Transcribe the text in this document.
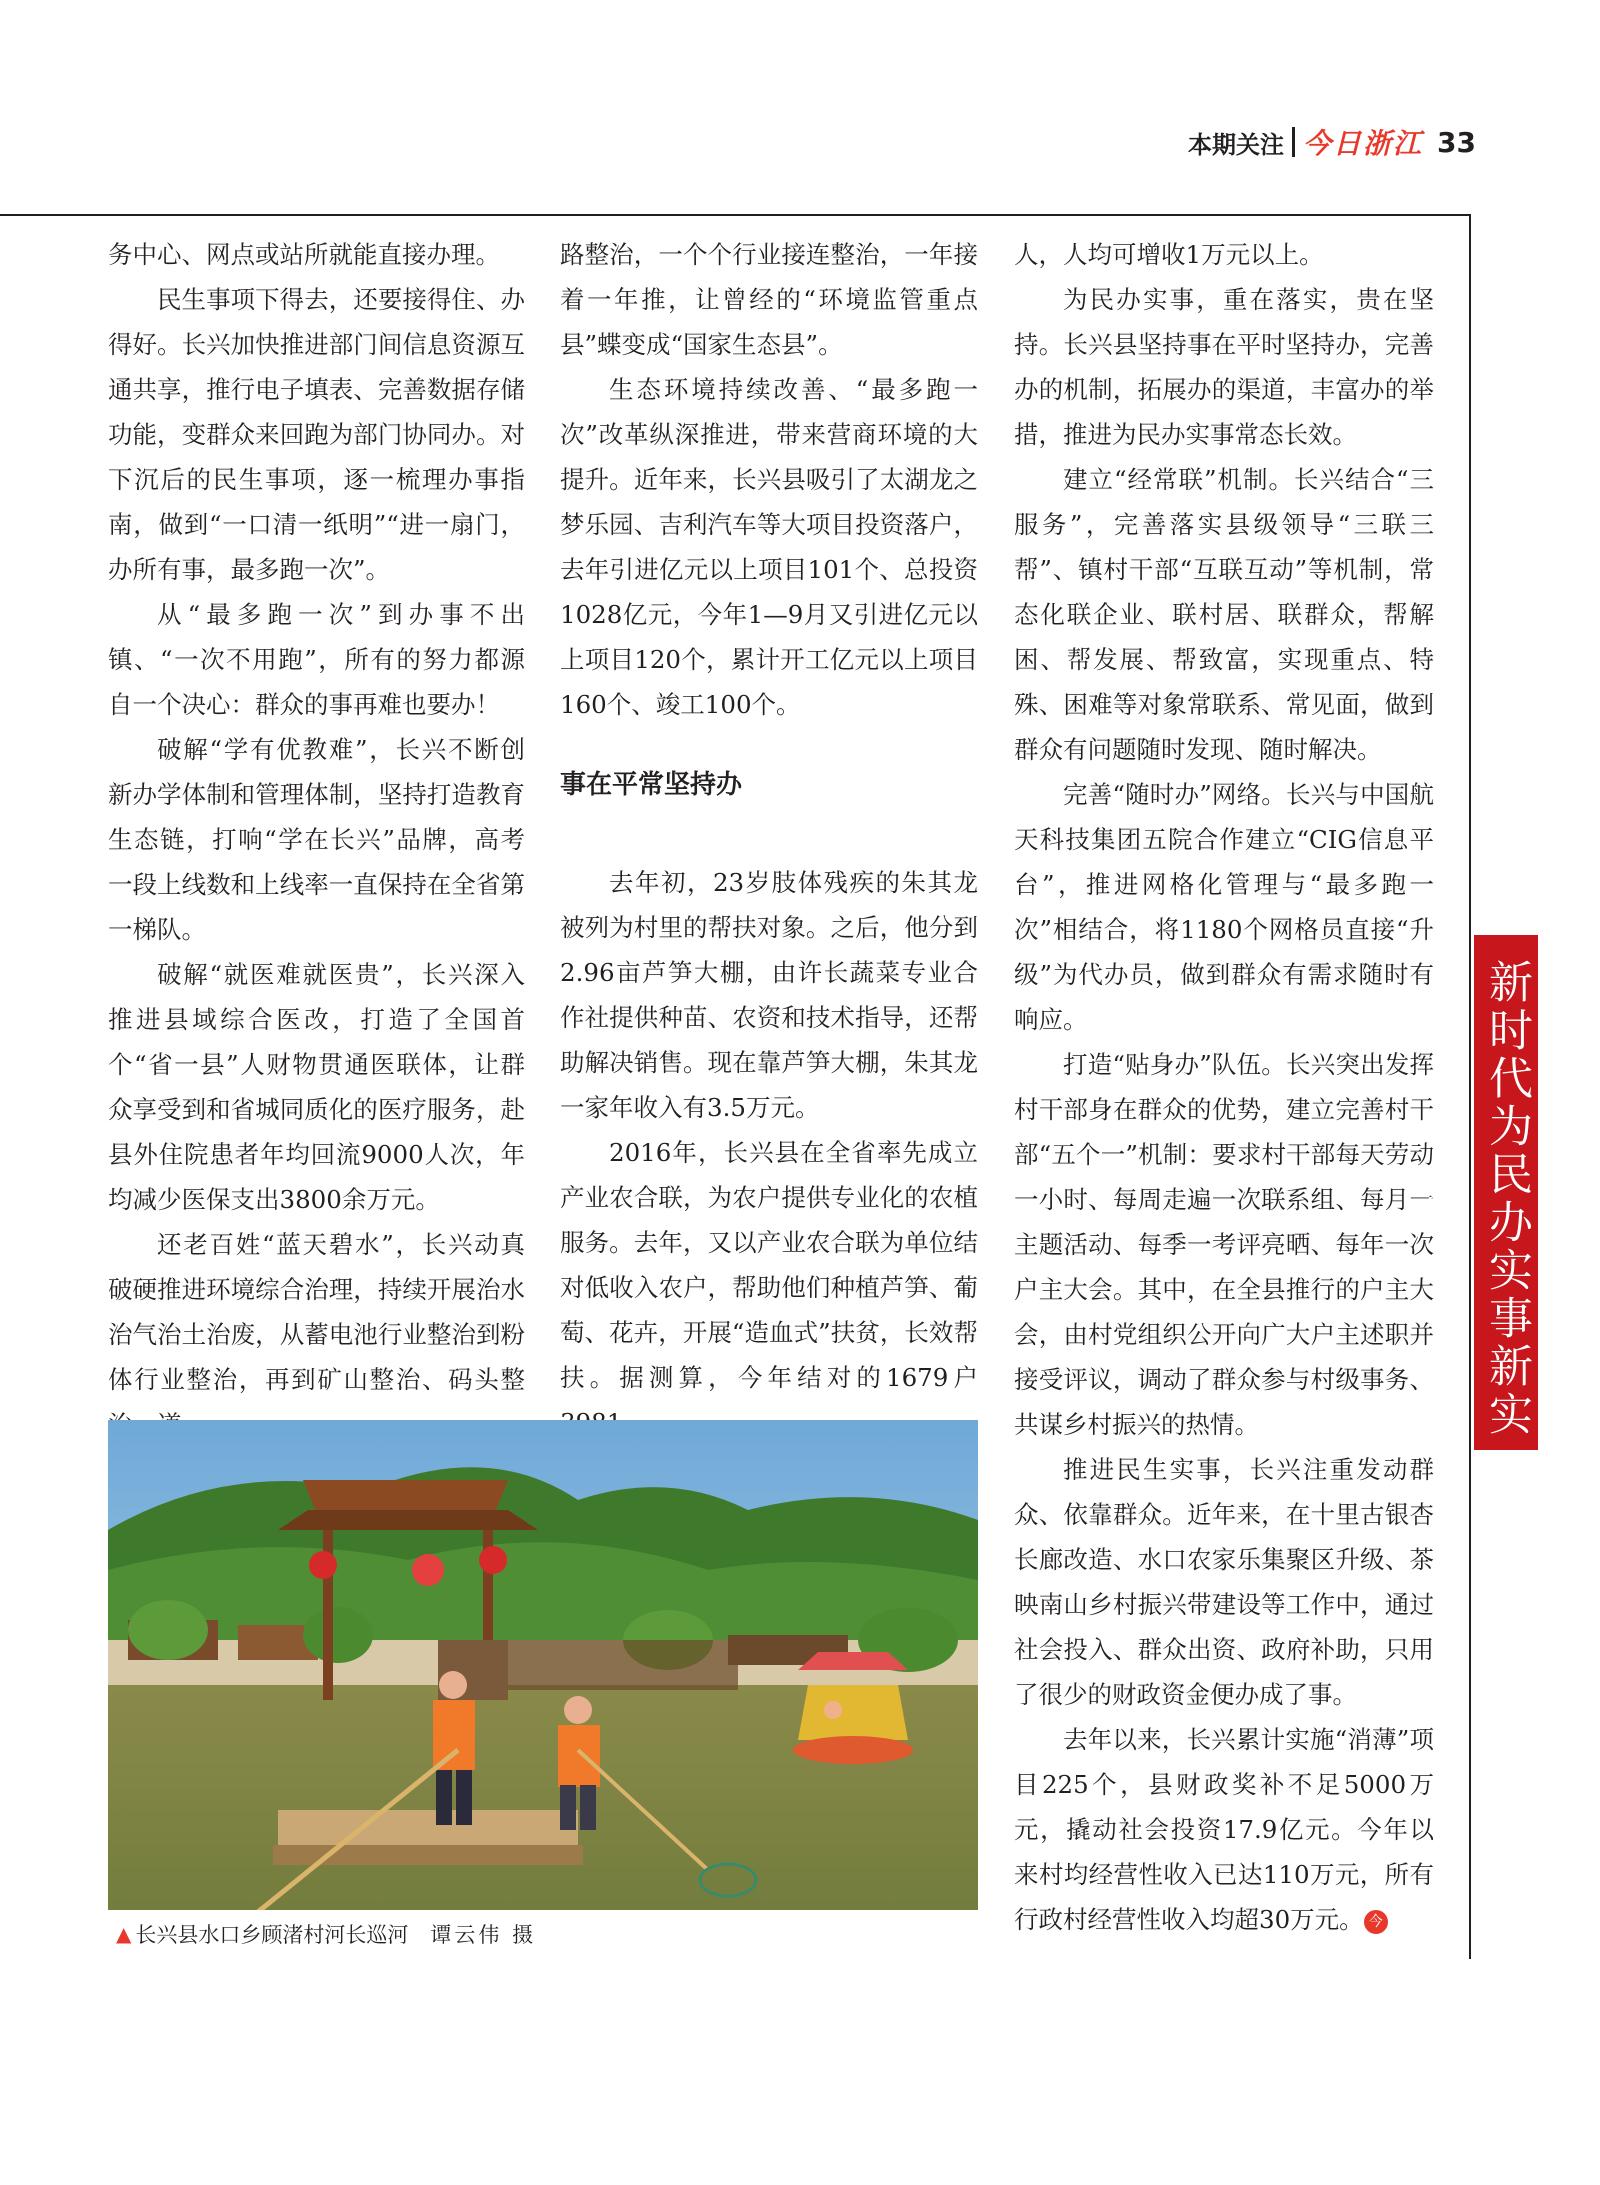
本期关注 今日浙江 33

务中心、网点或站所就能直接办理。

民生事项下得去，还要接得住、办得好。长兴加快推进部门间信息资源互通共享，推行电子填表、完善数据存储功能，变群众来回跑为部门协同办。对下沉后的民生事项，逐一梳理办事指南，做到“一口清一纸明”“进一扇门，办所有事，最多跑一次”。

从“最多跑一次”到办事不出镇、“一次不用跑”，所有的努力都源自一个决心：群众的事再难也要办！

破解“学有优教难”，长兴不断创新办学体制和管理体制，坚持打造教育生态链，打响“学在长兴”品牌，高考一段上线数和上线率一直保持在全省第一梯队。

破解“就医难就医贵”，长兴深入推进县域综合医改，打造了全国首个“省一县”人财物贯通医联体，让群众享受到和省城同质化的医疗服务，赴县外住院患者年均回流9000人次，年均减少医保支出3800余万元。

还老百姓“蓝天碧水”，长兴动真破硬推进环境综合治理，持续开展治水治气治土治废，从蓄电池行业整治到粉体行业整治，再到矿山整治、码头整

路整治，一个个行业接连整治，一年接着一年推，让曾经的“环境监管重点县”蝶变成“国家生态县”。

生态环境持续改善、“最多跑一次”改革纵深推进，带来营商环境的大提升。近年来，长兴县吸引了太湖龙之梦乐园、吉利汽车等大项目投资落户，去年引进亿元以上项目101个、总投资1028亿元，今年1—9月又引进亿元以上项目120个，累计开工亿元以上项目160个、竣工100个。

事在平常坚持办

去年初，23岁肢体残疾的朱其龙被列为村里的帮扶对象。之后，他分到2.96亩芦笋大棚，由许长蔬菜专业合作社提供种苗、农资和技术指导，还帮助解决销售。现在靠芦笋大棚，朱其龙一家年收入有3.5万元。

2016年，长兴县在全省率先成立产业农合联，为农户提供专业化的农植服务。去年，又以产业农合联为单位结对低收入农户，帮助他们种植芦笋、葡萄、花卉，开展“造血式”扶贫，长效帮扶。据测算，今年结对的1679户

人，人均可增收1万元以上。

为民办实事，重在落实，贵在坚持。长兴县坚持事在平时坚持办，完善办的机制，拓展办的渠道，丰富办的举措，推进为民办实事常态长效。

建立“经常联”机制。长兴结合“三服务”，完善落实县级领导“三联三帮”、镇村干部“互联互动”等机制，常态化联企业、联村居、联群众，帮解困、帮发展、帮致富，实现重点、特殊、困难等对象常联系、常见面，做到群众有问题随时发现、随时解决。

完善“随时办”网络。长兴与中国航天科技集团五院合作建立“CIG信息平台”，推进网格化管理与“最多跑一次”相结合，将1180个网格员直接“升级”为代办员，做到群众有需求随时有响应。

打造“贴身办”队伍。长兴突出发挥村干部身在群众的优势，建立完善村干部“五个一”机制：要求村干部每天劳动一小时、每周走遍一次联系组、每月一主题活动、每季一考评亮晒、每年一次户主大会。其中，在全县推行的户主大会，由村党组织公开向广大户主述职并接受评议，调动了群众参与村级事务、共谋乡村振兴的热情。

推进民生实事，长兴注重发动群众、依靠群众。近年来，在十里古银杏长廊改造、水口农家乐集聚区升级、茶映南山乡村振兴带建设等工作中，通过社会投入、群众出资、政府补助，只用了很少的财政资金便办成了事。

去年以来，长兴累计实施“消薄”项目225个，县财政奖补不足5000万元，撬动社会投资17.9亿元。今年以来村均经营性收入已达110万元，所有行政村经营性收入均超30万元。 今

新时代为民办实事新实践
▲ 长兴县水口乡顾渚村河长巡河 谭云伟 摄
